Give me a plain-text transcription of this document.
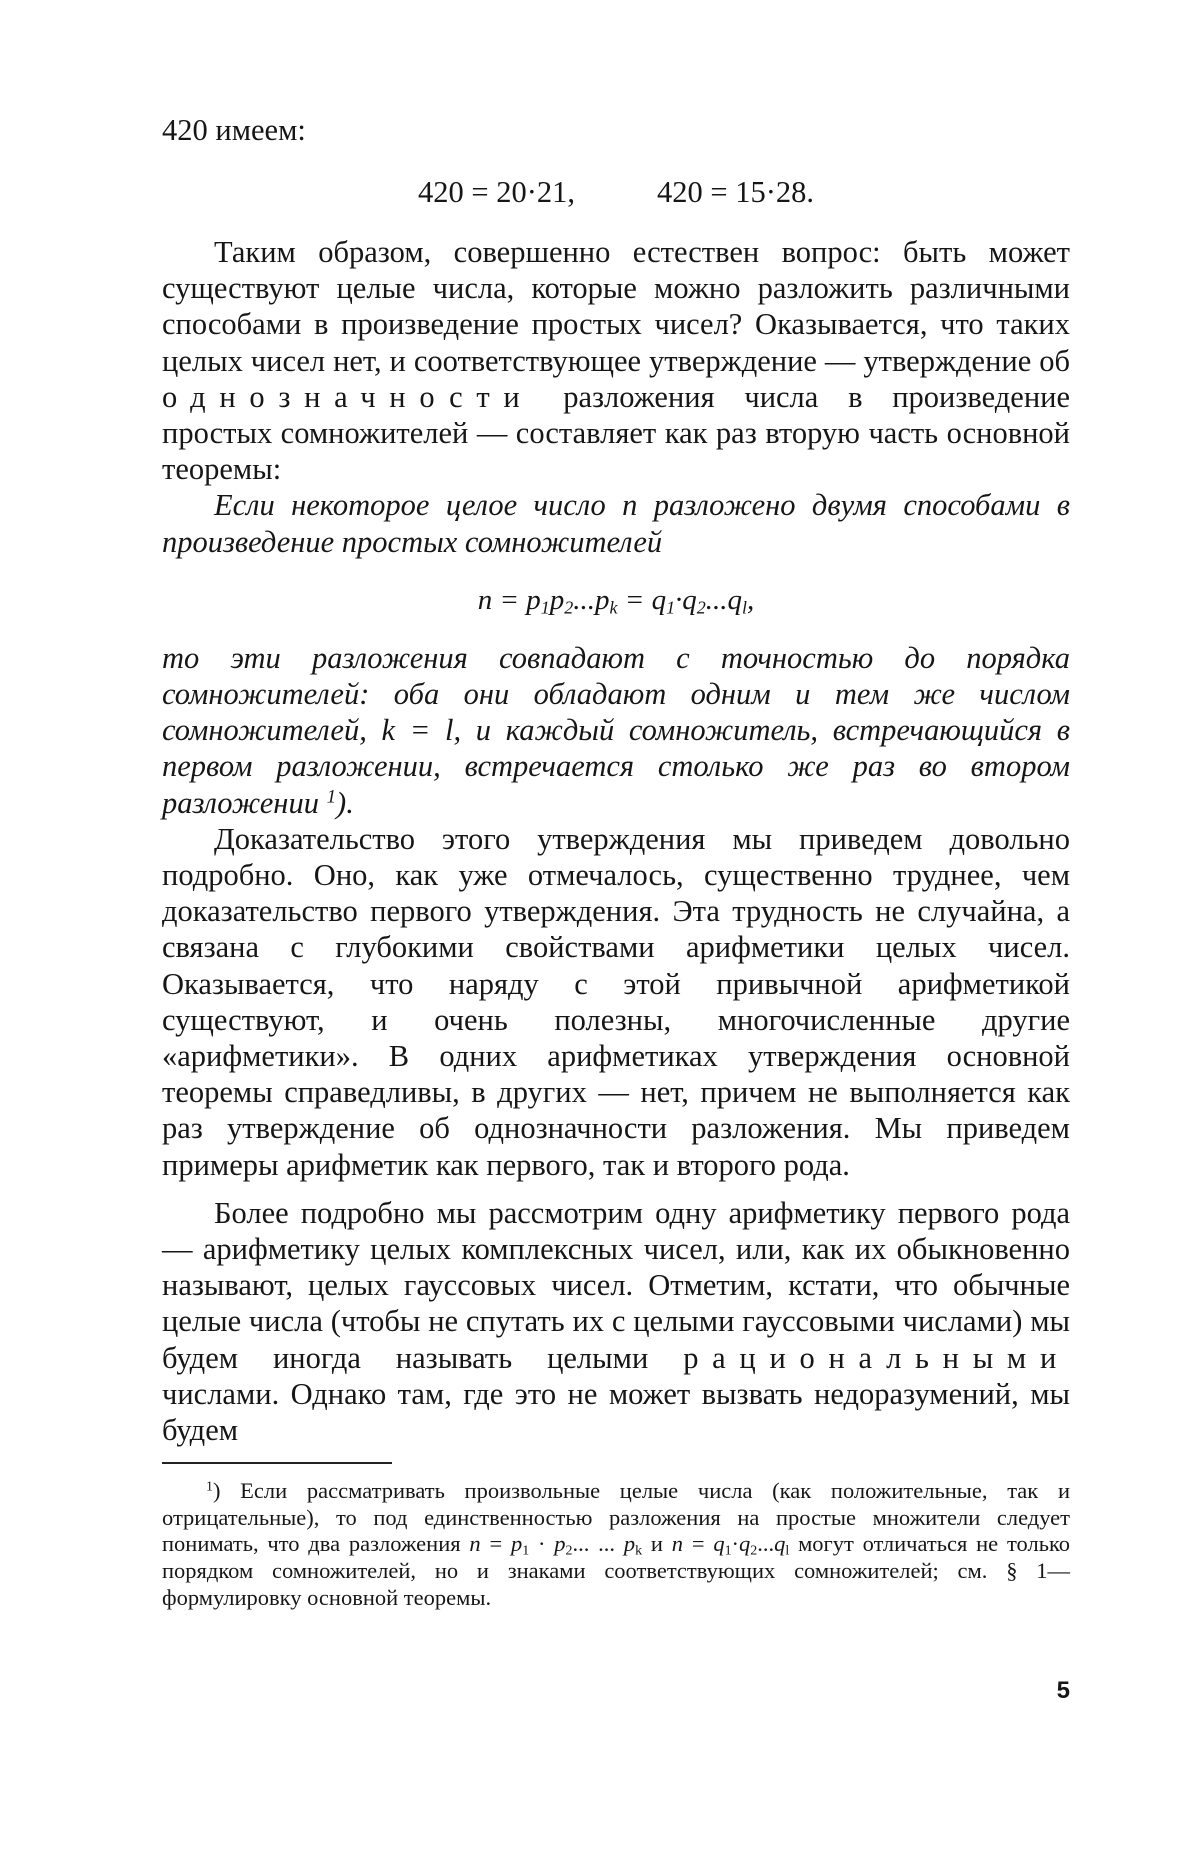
420 имеем:

420 = 20·21,	420 = 15·28.

Таким образом, совершенно естествен вопрос: быть может существуют целые числа, которые можно разложить различными способами в произведение простых чисел? Оказывается, что таких целых чисел нет, и соответствующее утверждение — утверждение об однозначности разложения числа в произведение простых сомножителей — составляет как раз вторую часть основной теоремы:

Если некоторое целое число n разложено двумя способами в произведение простых сомножителей

$n = p_1p_2...p_k = q_1\cdot q_2...q_l$,

то эти разложения совпадают с точностью до порядка сомножителей: оба они обладают одним и тем же числом сомножителей, k = l, и каждый сомножитель, встречающийся в первом разложении, встречается столько же раз во втором разложении $^1$).

Доказательство этого утверждения мы приведем довольно подробно. Оно, как уже отмечалось, существенно труднее, чем доказательство первого утверждения. Эта трудность не случайна, а связана с глубокими свойствами арифметики целых чисел. Оказывается, что наряду с этой привычной арифметикой существуют, и очень полезны, многочисленные другие «арифметики». В одних арифметиках утверждения основной теоремы справедливы, в других — нет, причем не выполняется как раз утверждение об однозначности разложения. Мы приведем примеры арифметик как первого, так и второго рода.

Более подробно мы рассмотрим одну арифметику первого рода — арифметику целых комплексных чисел, или, как их обыкновенно называют, целых гауссовых чисел. Отметим, кстати, что обычные целые числа (чтобы не спутать их с целыми гауссовыми числами) мы будем иногда называть целыми рациональными числами. Однако там, где это не может вызвать недоразумений, мы будем

$^1$) Если рассматривать произвольные целые числа (как положительные, так и отрицательные), то под единственностью разложения на простые множители следует понимать, что два разложения $n = p_1 \cdot p_2$... ... $p_k$ и $n = q_1\cdot q_2...q_l$ могут отличаться не только порядком сомножителей, но и знаками соответствующих сомножителей; см. § 1—формулировку основной теоремы.

5
